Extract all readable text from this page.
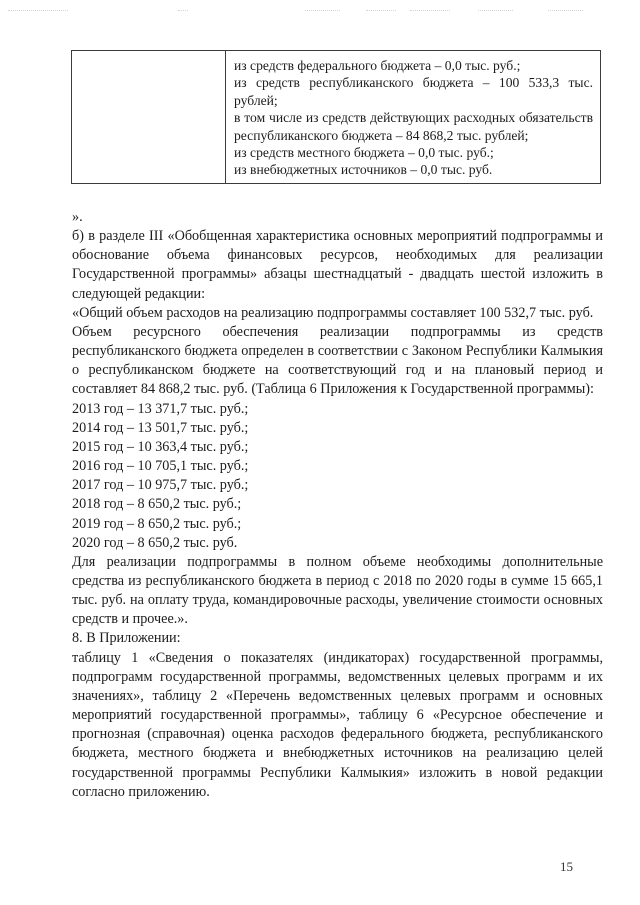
из средств федерального бюджета – 0,0 тыс. руб.;
из средств республиканского бюджета – 100 533,3 тыс. рублей;
в том числе из средств действующих расходных обязательств республиканского бюджета – 84 868,2 тыс. рублей;
из средств местного бюджета – 0,0 тыс. руб.;
из внебюджетных источников – 0,0 тыс. руб.

».

б) в разделе III «Обобщенная характеристика основных мероприятий подпрограммы и обоснование объема финансовых ресурсов, необходимых для реализации Государственной программы» абзацы шестнадцатый - двадцать шестой изложить в следующей редакции:

«Общий объем расходов на реализацию подпрограммы составляет 100 532,7 тыс. руб.

Объем ресурсного обеспечения реализации подпрограммы из средств республиканского бюджета определен в соответствии с Законом Республики Калмыкия о республиканском бюджете на соответствующий год и на плановый период и составляет 84 868,2 тыс. руб. (Таблица 6 Приложения к Государственной программы):

2013 год – 13 371,7 тыс. руб.;

2014 год – 13 501,7 тыс. руб.;

2015 год – 10 363,4 тыс. руб.;

2016 год – 10 705,1 тыс. руб.;

2017 год – 10 975,7 тыс. руб.;

2018 год – 8 650,2 тыс. руб.;

2019 год – 8 650,2 тыс. руб.;

2020 год – 8 650,2 тыс. руб.

Для реализации подпрограммы в полном объеме необходимы дополнительные средства из республиканского бюджета в период с 2018 по 2020 годы в сумме 15 665,1 тыс. руб. на оплату труда, командировочные расходы, увеличение стоимости основных средств и прочее.».

8. В Приложении:

таблицу 1 «Сведения о показателях (индикаторах) государственной программы, подпрограмм государственной программы, ведомственных целевых программ и их значениях», таблицу 2 «Перечень ведомственных целевых программ и основных мероприятий государственной программы», таблицу 6 «Ресурсное обеспечение и прогнозная (справочная) оценка расходов федерального бюджета, республиканского бюджета, местного бюджета и внебюджетных источников на реализацию целей государственной программы Республики Калмыкия» изложить в новой редакции согласно приложению.

15
